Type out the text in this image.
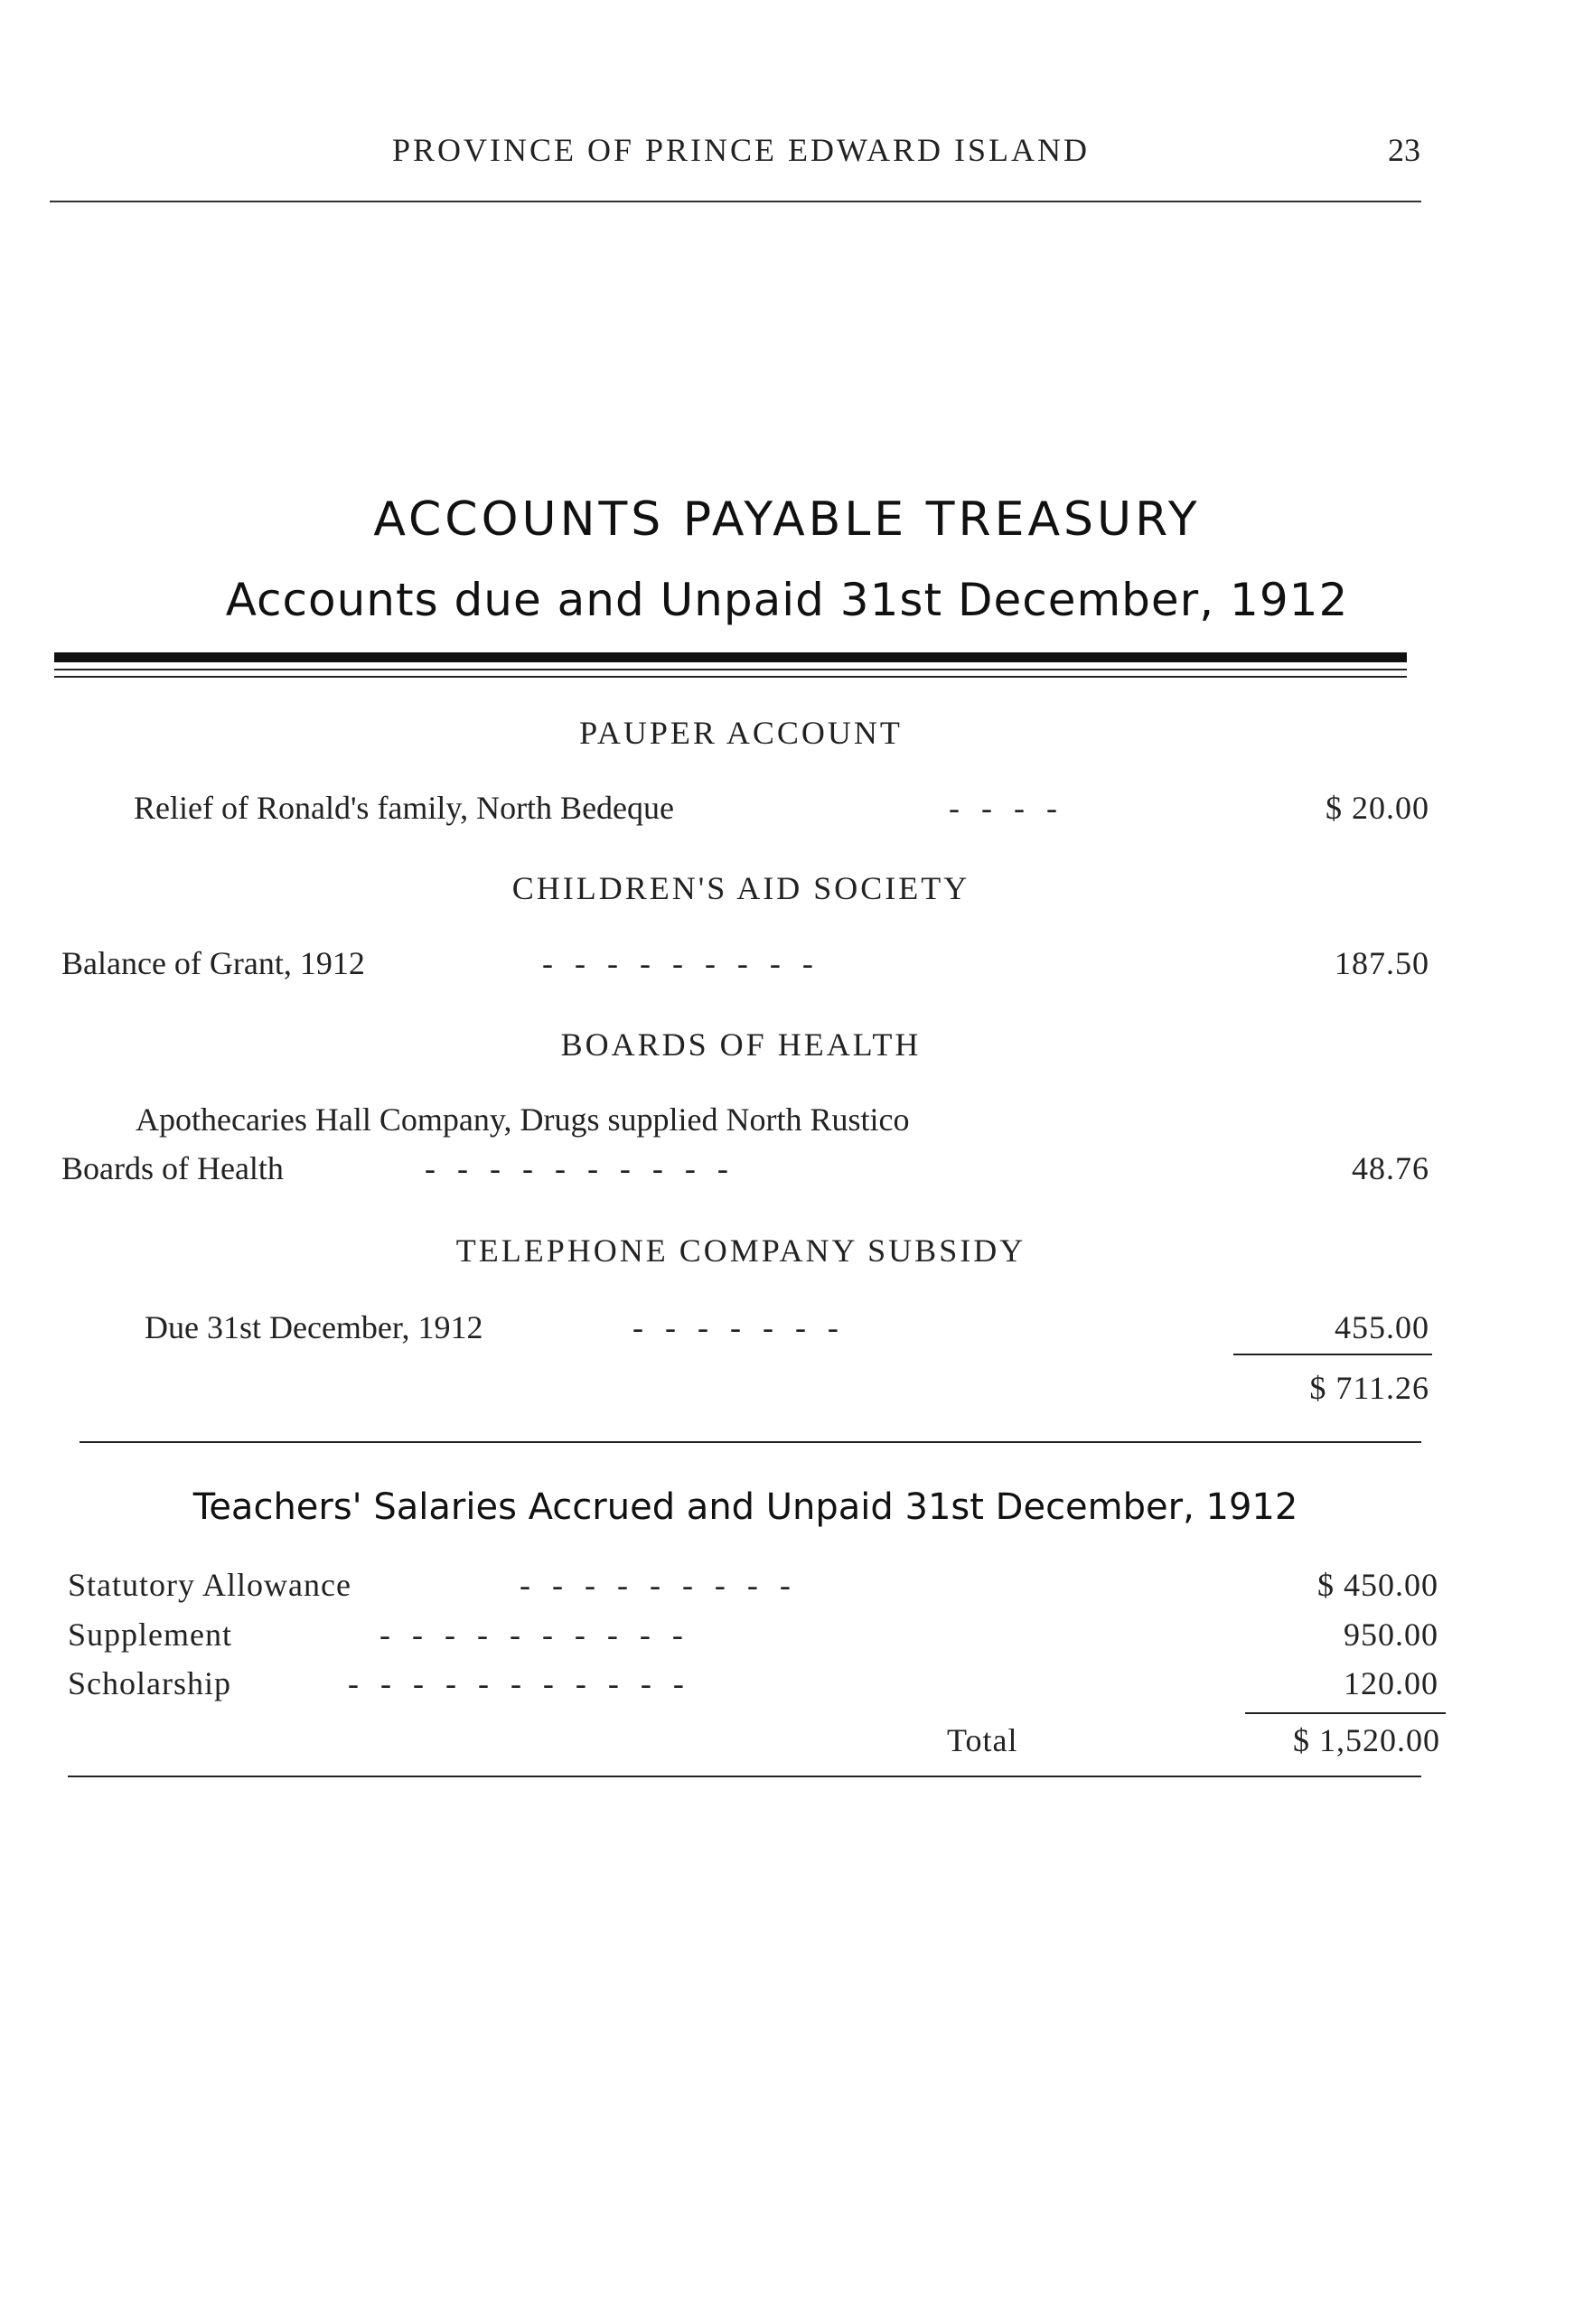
PROVINCE OF PRINCE EDWARD ISLAND	23
ACCOUNTS PAYABLE TREASURY
Accounts due and Unpaid 31st December, 1912
PAUPER ACCOUNT
Relief of Ronald's family, North Bedeque	-  -  -  -	$ 20.00
CHILDREN'S AID SOCIETY
Balance of Grant, 1912	-  -  -  -  -  -  -  -  -	187.50
BOARDS OF HEALTH
Apothecaries Hall Company, Drugs supplied North Rustico
Boards of Health	-  -  -  -  -  -  -  -  -  -	48.76
TELEPHONE COMPANY SUBSIDY
Due 31st December, 1912	-  -  -  -  -  -  -	455.00
$ 711.26
Teachers' Salaries Accrued and Unpaid 31st December, 1912
Statutory Allowance	-  -  -  -  -  -  -  -  -	$ 450.00
Supplement	-  -  -  -  -  -  -  -  -  -	950.00
Scholarship	-  -  -  -  -  -  -  -  -  -  -	120.00
Total	$ 1,520.00
